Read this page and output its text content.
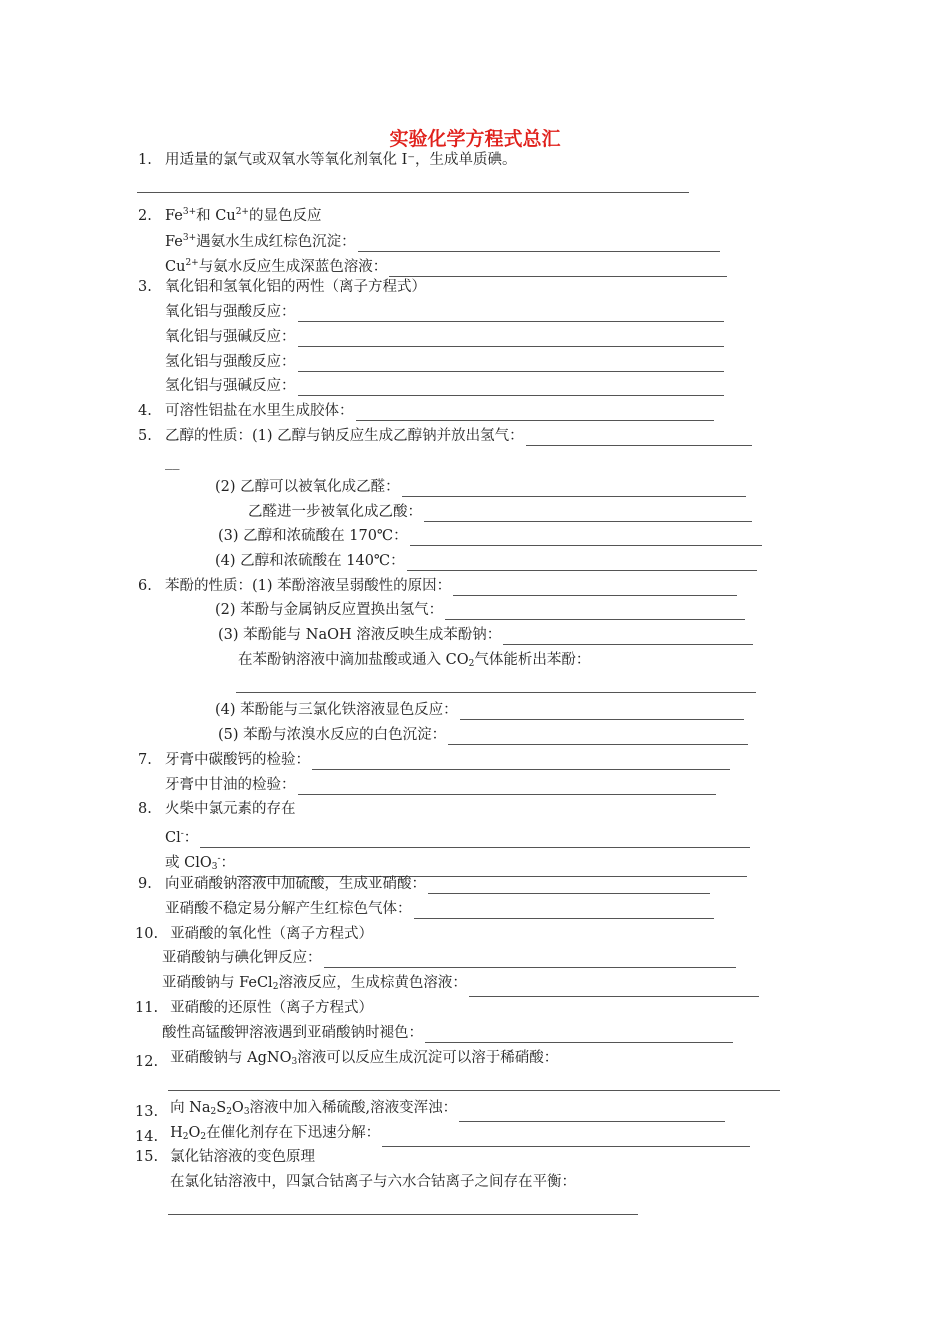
实验化学方程式总汇
1. 用适量的氯气或双氧水等氧化剂氧化 I⁻，生成单质碘。
2. $Fe^{3+}$和 $Cu^{2+}$的显色反应
$Fe^{3+}$遇氨水生成红棕色沉淀：
$Cu^{2+}$与氨水反应生成深蓝色溶液：
3. 氧化铝和氢氧化铝的两性（离子方程式）
氧化铝与强酸反应：
氧化铝与强碱反应：
氢化铝与强酸反应：
氢化铝与强碱反应：
4. 可溶性铝盐在水里生成胶体：
5. 乙醇的性质：(1) 乙醇与钠反应生成乙醇钠并放出氢气：
__
(2) 乙醇可以被氧化成乙醛：
乙醛进一步被氧化成乙酸：
(3) 乙醇和浓硫酸在 170℃：
(4) 乙醇和浓硫酸在 140℃：
6. 苯酚的性质：(1) 苯酚溶液呈弱酸性的原因：
(2) 苯酚与金属钠反应置换出氢气：
(3) 苯酚能与 NaOH 溶液反映生成苯酚钠：
在苯酚钠溶液中滴加盐酸或通入 $CO_2$气体能析出苯酚：
(4) 苯酚能与三氯化铁溶液显色反应：
(5) 苯酚与浓溴水反应的白色沉淀：
7. 牙膏中碳酸钙的检验：
牙膏中甘油的检验：
8. 火柴中氯元素的存在
Cl-：
或 ClO$_3$-：
9. 向亚硝酸钠溶液中加硫酸，生成亚硝酸：
亚硝酸不稳定易分解产生红棕色气体：
10. 亚硝酸的氧化性（离子方程式）
亚硝酸钠与碘化钾反应：
亚硝酸钠与 FeCl$_2$溶液反应，生成棕黄色溶液：
11. 亚硝酸的还原性（离子方程式）
酸性高锰酸钾溶液遇到亚硝酸钠时褪色：
12. 亚硝酸钠与 AgNO$_3$溶液可以反应生成沉淀可以溶于稀硝酸：
13. 向 $Na_2S_2O_3$溶液中加入稀硫酸,溶液变浑浊：
14. $H_2O_2$在催化剂存在下迅速分解：
15. 氯化钴溶液的变色原理
在氯化钴溶液中，四氯合钴离子与六水合钴离子之间存在平衡：
